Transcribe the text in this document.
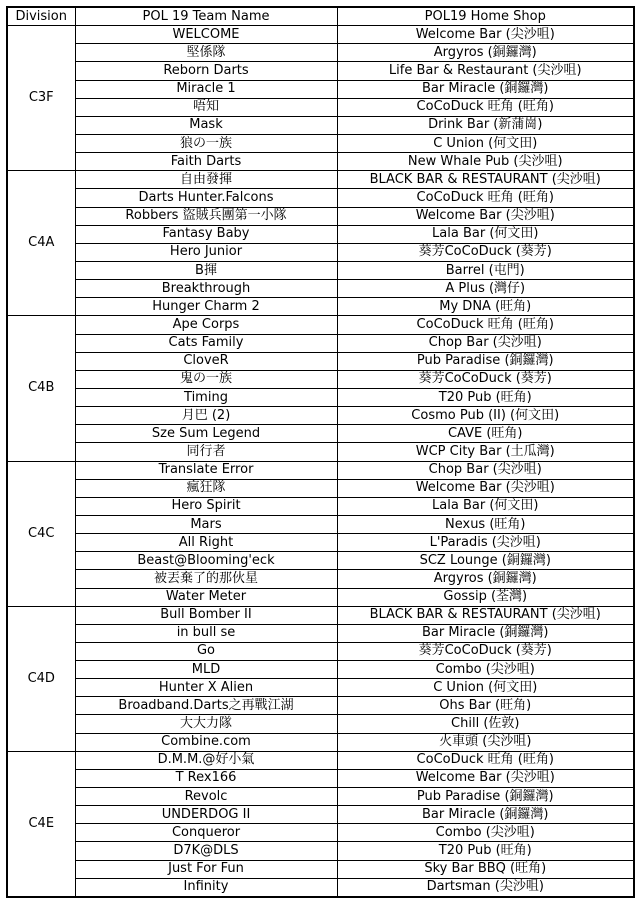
Division	POL 19 Team Name	POL19 Home Shop
C3F	WELCOME	Welcome Bar (尖沙咀)
	堅係隊	Argyros (銅鑼灣)
	Reborn Darts	Life Bar & Restaurant (尖沙咀)
	Miracle 1	Bar Miracle (銅鑼灣)
	唔知	CoCoDuck 旺角 (旺角)
	Mask	Drink Bar (新蒲崗)
	狼の一族	C Union (何文田)
	Faith Darts	New Whale Pub (尖沙咀)
C4A	自由發揮	BLACK BAR & RESTAURANT (尖沙咀)
	Darts Hunter.Falcons	CoCoDuck 旺角 (旺角)
	Robbers 盜賊兵團第一小隊	Welcome Bar (尖沙咀)
	Fantasy Baby	Lala Bar (何文田)
	Hero Junior	葵芳CoCoDuck (葵芳)
	B揮	Barrel (屯門)
	Breakthrough	A Plus (灣仔)
	Hunger Charm 2	My DNA (旺角)
C4B	Ape Corps	CoCoDuck 旺角 (旺角)
	Cats Family	Chop Bar (尖沙咀)
	CloveR	Pub Paradise (銅鑼灣)
	鬼の一族	葵芳CoCoDuck (葵芳)
	Timing	T20 Pub (旺角)
	月巴 (2)	Cosmo Pub (II) (何文田)
	Sze Sum Legend	CAVE (旺角)
	同行者	WCP City Bar (土瓜灣)
C4C	Translate Error	Chop Bar (尖沙咀)
	瘋狂隊	Welcome Bar (尖沙咀)
	Hero Spirit	Lala Bar (何文田)
	Mars	Nexus (旺角)
	All Right	L'Paradis (尖沙咀)
	Beast@Blooming'eck	SCZ Lounge (銅鑼灣)
	被丟棄了的那伙星	Argyros (銅鑼灣)
	Water Meter	Gossip (荃灣)
C4D	Bull Bomber II	BLACK BAR & RESTAURANT (尖沙咀)
	in bull se	Bar Miracle (銅鑼灣)
	Go	葵芳CoCoDuck (葵芳)
	MLD	Combo (尖沙咀)
	Hunter X Alien	C Union (何文田)
	Broadband.Darts之再戰江湖	Ohs Bar (旺角)
	大大力隊	Chill (佐敦)
	Combine.com	火車頭 (尖沙咀)
C4E	D.M.M.@好小氣	CoCoDuck 旺角 (旺角)
	T Rex166	Welcome Bar (尖沙咀)
	Revolc	Pub Paradise (銅鑼灣)
	UNDERDOG II	Bar Miracle (銅鑼灣)
	Conqueror	Combo (尖沙咀)
	D7K@DLS	T20 Pub (旺角)
	Just For Fun	Sky Bar BBQ (旺角)
	Infinity	Dartsman (尖沙咀)
